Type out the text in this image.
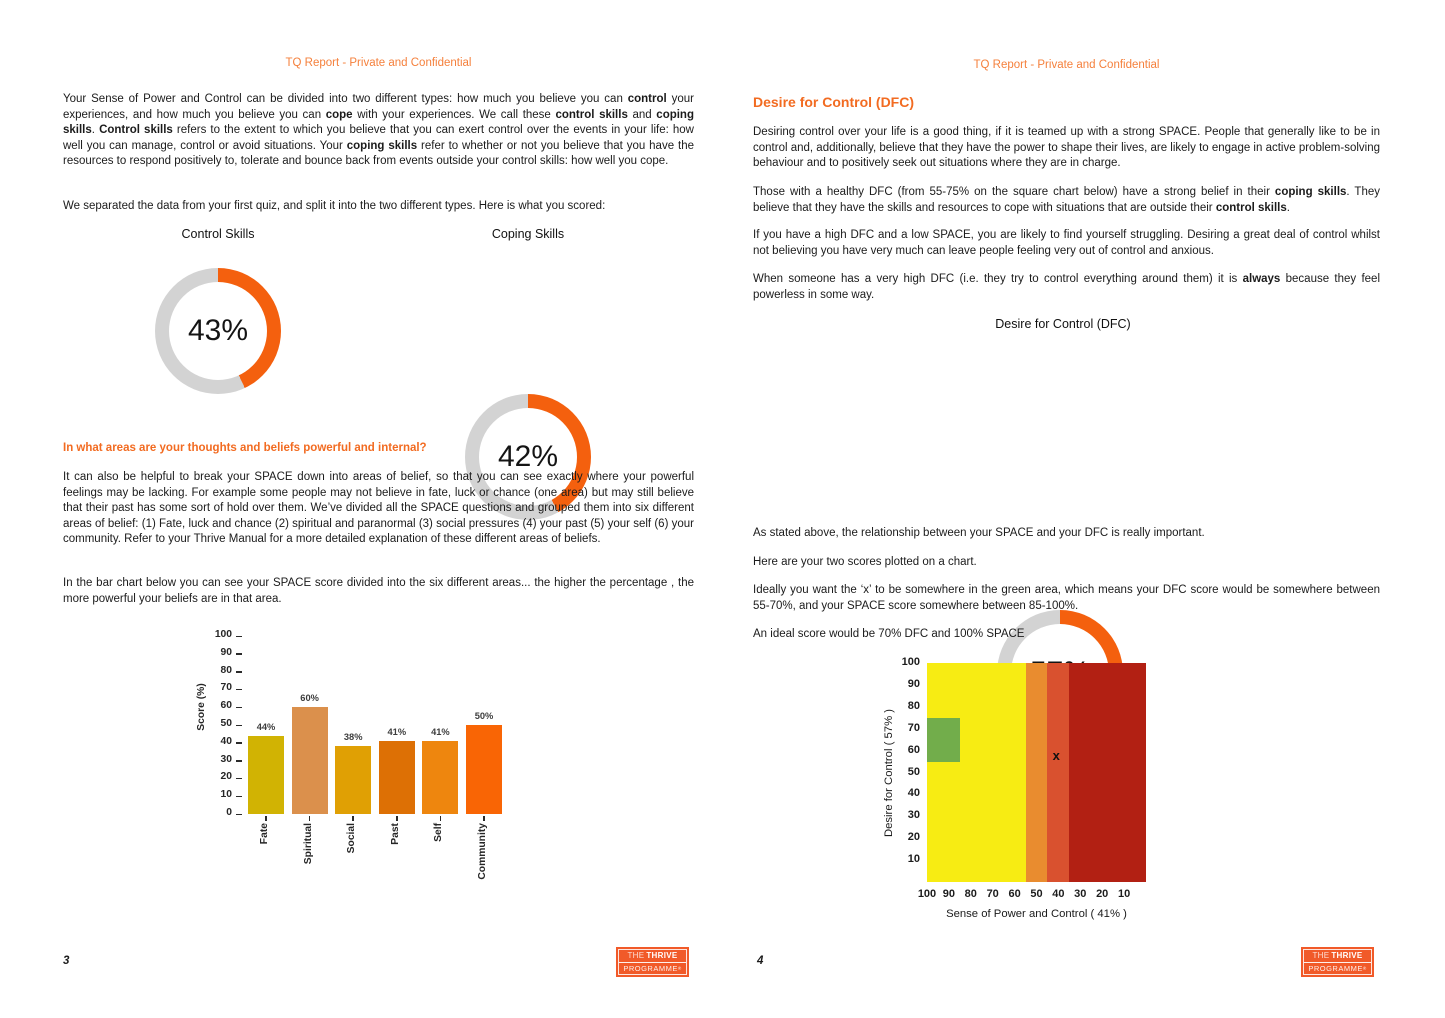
TQ Report - Private and Confidential
Your Sense of Power and Control can be divided into two different types: how much you believe you can control your experiences, and how much you believe you can cope with your experiences. We call these control skills and coping skills. Control skills refers to the extent to which you believe that you can exert control over the events in your life: how well you can manage, control or avoid situations. Your coping skills refer to whether or not you believe that you have the resources to respond positively to, tolerate and bounce back from events outside your control skills: how well you cope.
We separated the data from your first quiz, and split it into the two different types. Here is what you scored:
Control Skills	Coping Skills
43%
42%
In what areas are your thoughts and beliefs powerful and internal?
It can also be helpful to break your SPACE down into areas of belief, so that you can see exactly where your powerful feelings may be lacking. For example some people may not believe in fate, luck or chance (one area) but may still believe that their past has some sort of hold over them. We’ve divided all the SPACE questions and grouped them into six different areas of belief: (1) Fate, luck and chance (2) spiritual and paranormal (3) social pressures (4) your past (5) your self (6) your community. Refer to your Thrive Manual for a more detailed explanation of these different areas of beliefs.
In the bar chart below you can see your SPACE score divided into the six different areas... the higher the percentage , the more powerful your beliefs are in that area.
0
10
20
30
40
50
60
70
80
90
100
Score (%)	44%
Fate
60%
Spiritual
38%
Social
41%
Past
41%
Self
50%
Community
3	THE THRIVE
PROGRAMME ®
TQ Report - Private and Confidential
Desire for Control (DFC)
Desiring control over your life is a good thing, if it is teamed up with a strong SPACE. People that generally like to be in control and, additionally, believe that they have the power to shape their lives, are likely to engage in active problem-solving behaviour and to positively seek out situations where they are in charge.
Those with a healthy DFC (from 55-75% on the square chart below) have a strong belief in their coping skills. They believe that they have the skills and resources to cope with situations that are outside their control skills.
If you have a high DFC and a low SPACE, you are likely to find yourself struggling. Desiring a great deal of control whilst not believing you have very much can leave people feeling very out of control and anxious.
When someone has a very high DFC (i.e. they try to control everything around them) it is always because they feel powerless in some way.
Desire for Control (DFC)
As stated above, the relationship between your SPACE and your DFC is really important.
Here are your two scores plotted on a chart.
Ideally you want the ‘x’ to be somewhere in the green area, which means your DFC score would be somewhere between 55-70%, and your SPACE score somewhere between 85-100%.
An ideal score would be 70% DFC and 100% SPACE
x
100
90
80
70
60
50
40
30
20
10
100 90 80 70 60 50 40 30 20 10
Sense of Power and Control ( 41% )
Desire for Control ( 57% )
4	THE THRIVE
PROGRAMME ®
